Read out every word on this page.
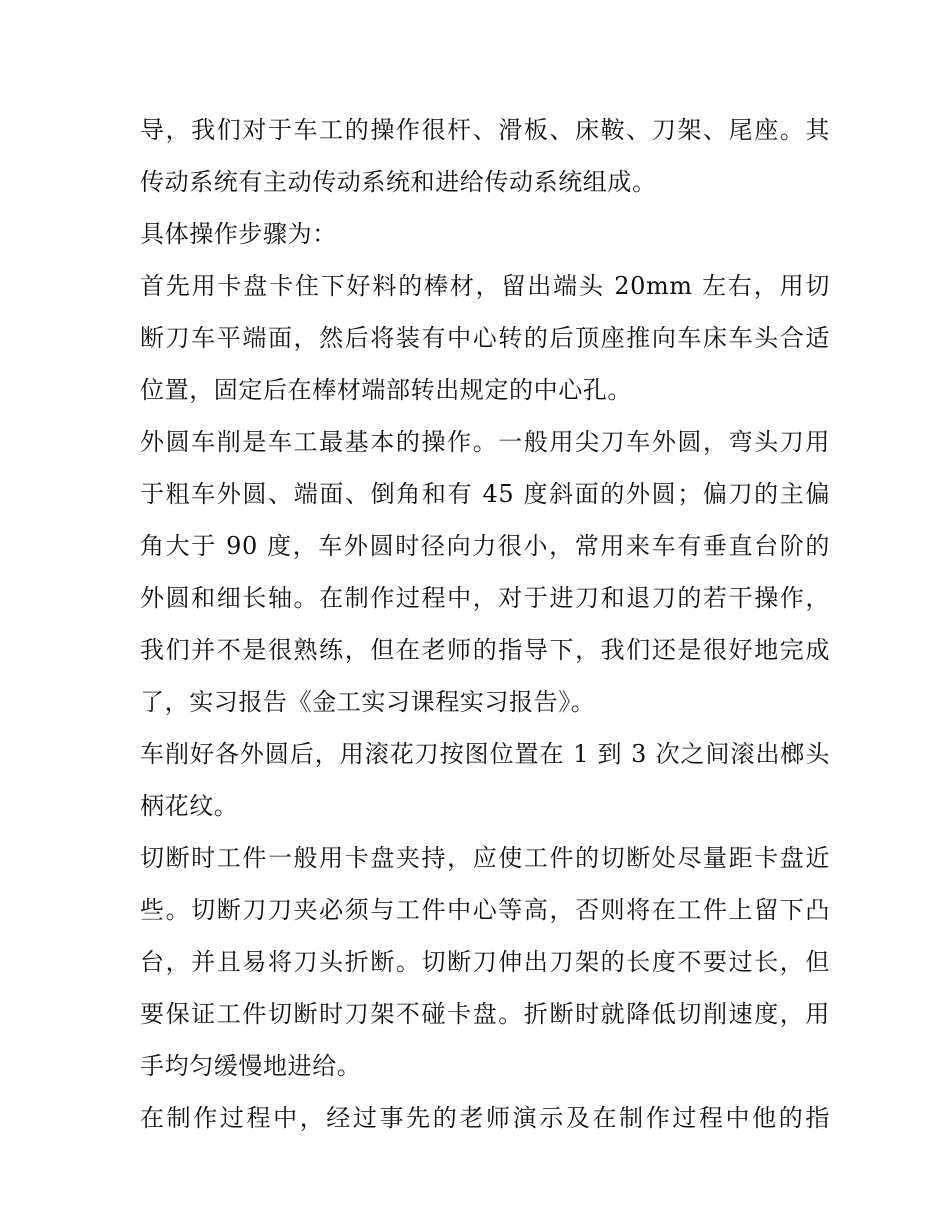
导，我们对于车工的操作很杆、滑板、床鞍、刀架、尾座。其
传动系统有主动传动系统和进给传动系统组成。
具体操作步骤为：
首先用卡盘卡住下好料的棒材，留出端头 20mm 左右，用切
断刀车平端面，然后将装有中心转的后顶座推向车床车头合适
位置，固定后在棒材端部转出规定的中心孔。
外圆车削是车工最基本的操作。一般用尖刀车外圆，弯头刀用
于粗车外圆、端面、倒角和有 45 度斜面的外圆；偏刀的主偏
角大于 90 度，车外圆时径向力很小，常用来车有垂直台阶的
外圆和细长轴。在制作过程中，对于进刀和退刀的若干操作，
我们并不是很熟练，但在老师的指导下，我们还是很好地完成
了，实习报告《金工实习课程实习报告》。
车削好各外圆后，用滚花刀按图位置在 1 到 3 次之间滚出榔头
柄花纹。
切断时工件一般用卡盘夹持，应使工件的切断处尽量距卡盘近
些。切断刀刀夹必须与工件中心等高，否则将在工件上留下凸
台，并且易将刀头折断。切断刀伸出刀架的长度不要过长，但
要保证工件切断时刀架不碰卡盘。折断时就降低切削速度，用
手均匀缓慢地进给。
在制作过程中，经过事先的老师演示及在制作过程中他的指
